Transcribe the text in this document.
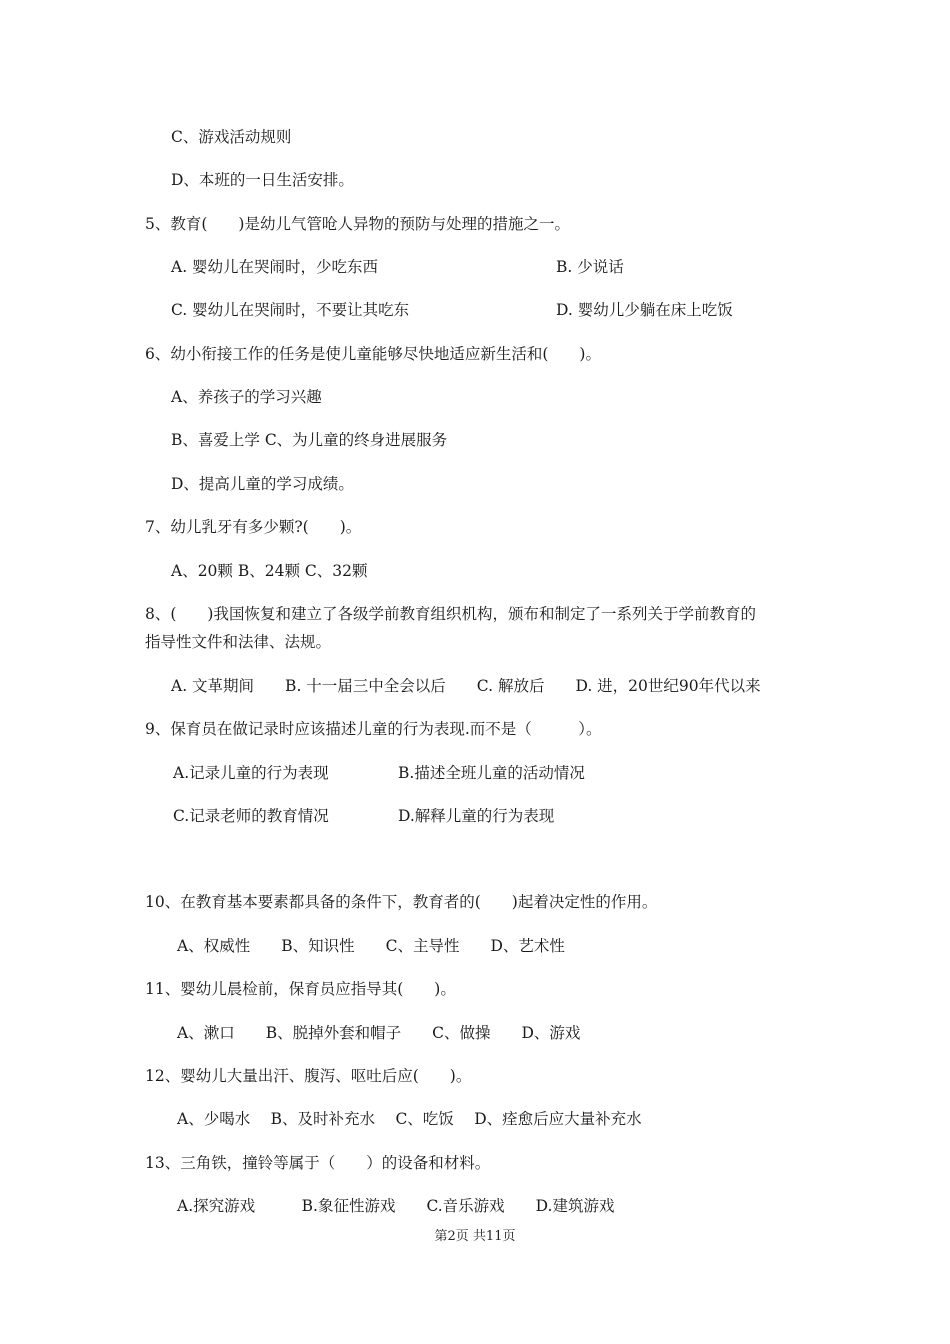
C、游戏活动规则
D、本班的一日生活安排。
5、教育(　　)是幼儿气管呛人异物的预防与处理的措施之一。
A. 婴幼儿在哭闹时，少吃东西	B. 少说话
C. 婴幼儿在哭闹时，不要让其吃东	D. 婴幼儿少躺在床上吃饭
6、幼小衔接工作的任务是使儿童能够尽快地适应新生活和(　　)。
A、养孩子的学习兴趣
B、喜爱上学 C、为儿童的终身进展服务
D、提高儿童的学习成绩。
7、幼儿乳牙有多少颗?(　　)。
A、20颗 B、24颗 C、32颗
8、(　　)我国恢复和建立了各级学前教育组织机构，颁布和制定了一系列关于学前教育的
指导性文件和法律、法规。
A. 文革期间　　B. 十一届三中全会以后　　C. 解放后　　D. 进，20世纪90年代以来
9、保育员在做记录时应该描述儿童的行为表现.而不是（　　　）。
A.记录儿童的行为表现	B.描述全班儿童的活动情况
C.记录老师的教育情况	D.解释儿童的行为表现
10、在教育基本要素都具备的条件下，教育者的(　　)起着决定性的作用。
A、权威性　　B、知识性　　C、主导性　　D、艺术性
11、婴幼儿晨检前，保育员应指导其(　　)。
A、漱口　　B、脱掉外套和帽子　　C、做操　　D、游戏
12、婴幼儿大量出汗、腹泻、呕吐后应(　　)。
A、少喝水　 B、及时补充水　 C、吃饭　 D、痊愈后应大量补充水
13、三角铁，撞铃等属于（　　）的设备和材料。
A.探究游戏　　　B.象征性游戏　　C.音乐游戏　　D.建筑游戏
第2页 共11页
